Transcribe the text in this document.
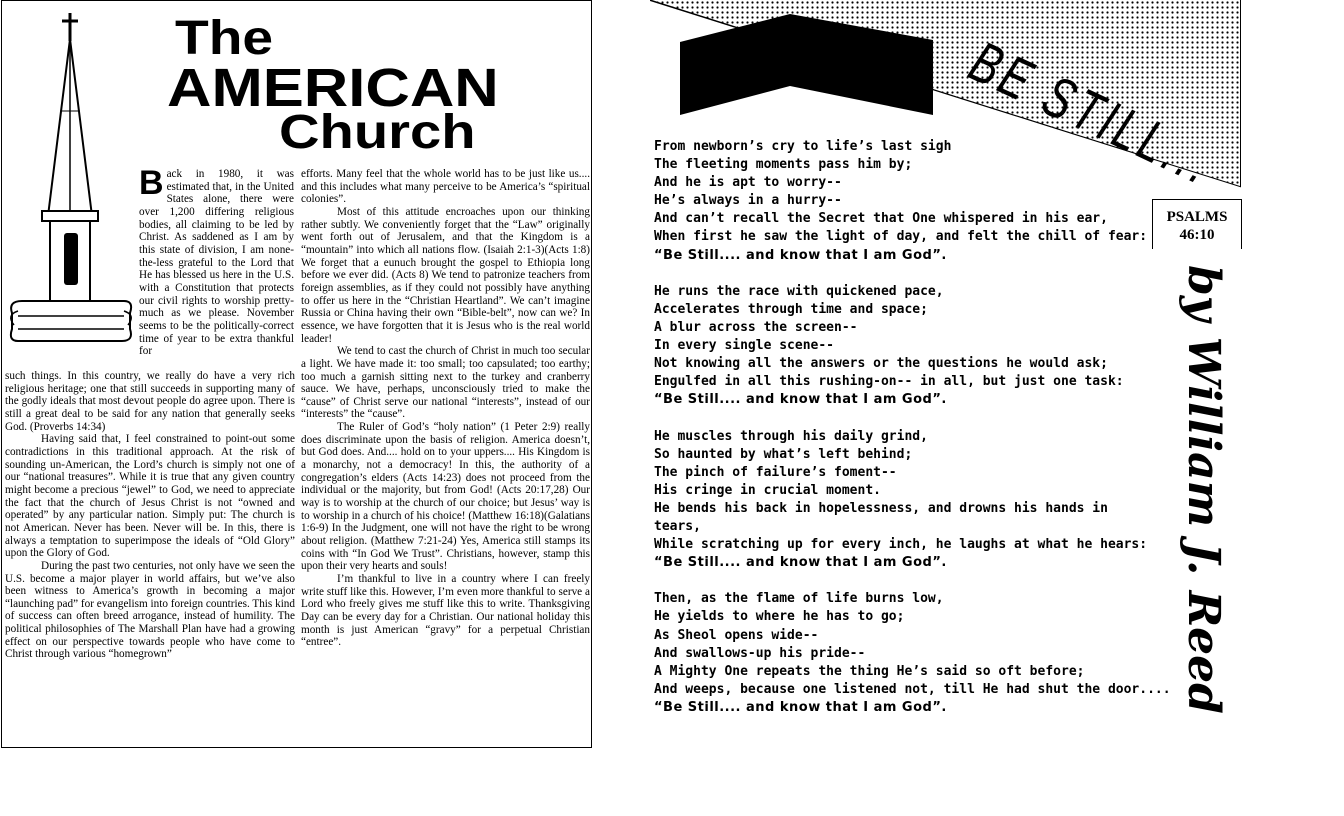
The
AMERICAN
Church
B ack in 1980, it was estimated that, in the United States alone, there were over 1,200 differing religious bodies, all claiming to be led by Christ. As saddened as I am by this state of division, I am none-the-less grateful to the Lord that He has blessed us here in the U.S. with a Constitution that protects our civil rights to worship pretty-much as we please. November seems to be the politically-correct time of year to be extra thankful for

such things. In this country, we really do have a very rich religious heritage; one that still succeeds in supporting many of the godly ideals that most devout people do agree upon. There is still a great deal to be said for any nation that generally seeks God. (Proverbs 14:34)

Having said that, I feel constrained to point-out some contradictions in this traditional approach. At the risk of sounding un-American, the Lord’s church is simply not one of our “national treasures”. While it is true that any given country might become a precious “jewel” to God, we need to appreciate the fact that the church of Jesus Christ is not “owned and operated” by any particular nation. Simply put: The church is not American. Never has been. Never will be. In this, there is always a temptation to superimpose the ideals of “Old Glory” upon the Glory of God.

During the past two centuries, not only have we seen the U.S. become a major player in world affairs, but we’ve also been witness to America’s growth in becoming a major “launching pad” for evangelism into foreign countries. This kind of success can often breed arrogance, instead of humility. The political philosophies of The Marshall Plan have had a growing effect on our perspective towards people who have come to Christ through various “homegrown”

efforts. Many feel that the whole world has to be just like us.... and this includes what many perceive to be America’s “spiritual colonies”.

Most of this attitude encroaches upon our thinking rather subtly. We conveniently forget that the “Law” originally went forth out of Jerusalem, and that the Kingdom is a “mountain” into which all nations flow. (Isaiah 2:1-3)(Acts 1:8) We forget that a eunuch brought the gospel to Ethiopia long before we ever did. (Acts 8) We tend to patronize teachers from foreign assemblies, as if they could not possibly have anything to offer us here in the “Christian Heartland”. We can’t imagine Russia or China having their own “Bible-belt”, now can we? In essence, we have forgotten that it is Jesus who is the real world leader!

We tend to cast the church of Christ in much too secular a light. We have made it: too small; too capsulated; too earthy; too much a garnish sitting next to the turkey and cranberry sauce. We have, perhaps, unconsciously tried to make the “cause” of Christ serve our national “interests”, instead of our “interests” the “cause”.

The Ruler of God’s “holy nation” (1 Peter 2:9) really does discriminate upon the basis of religion. America doesn’t, but God does. And.... hold on to your uppers.... His Kingdom is a monarchy, not a democracy! In this, the authority of a congregation’s elders (Acts 14:23) does not proceed from the individual or the majority, but from God! (Acts 20:17,28) Our way is to worship at the church of our choice; but Jesus’ way is to worship in a church of his choice! (Matthew 16:18)(Galatians 1:6-9) In the Judgment, one will not have the right to be wrong about religion. (Matthew 7:21-24) Yes, America still stamps its coins with “In God We Trust”. Christians, however, stamp this upon their very hearts and souls!

I’m thankful to live in a country where I can freely write stuff like this. However, I’m even more thankful to serve a Lord who freely gives me stuff like this to write. Thanksgiving Day can be every day for a Christian. Our national holiday this month is just American “gravy” for a perpetual Christian “entree”.

BE STILL...
PSALMS
46:10
From newborn’s cry to life’s last sigh
The fleeting moments pass him by;
And he is apt to worry--
He’s always in a hurry--
And can’t recall the Secret that One whispered in his ear,
When first he saw the light of day, and felt the chill of fear:
“Be Still.... and know that I am God”.
He runs the race with quickened pace,
Accelerates through time and space;
A blur across the screen--
In every single scene--
Not knowing all the answers or the questions he would ask;
Engulfed in all this rushing-on-- in all, but just one task:
“Be Still.... and know that I am God”.
He muscles through his daily grind,
So haunted by what’s left behind;
The pinch of failure’s foment--
His cringe in crucial moment.
He bends his back in hopelessness, and drowns his hands in
tears,
While scratching up for every inch, he laughs at what he hears:
“Be Still.... and know that I am God”.
Then, as the flame of life burns low,
He yields to where he has to go;
As Sheol opens wide--
And swallows-up his pride--
A Mighty One repeats the thing He’s said so oft before;
And weeps, because one listened not, till He had shut the door....
“Be Still.... and know that I am God”.	by William J. Reed
